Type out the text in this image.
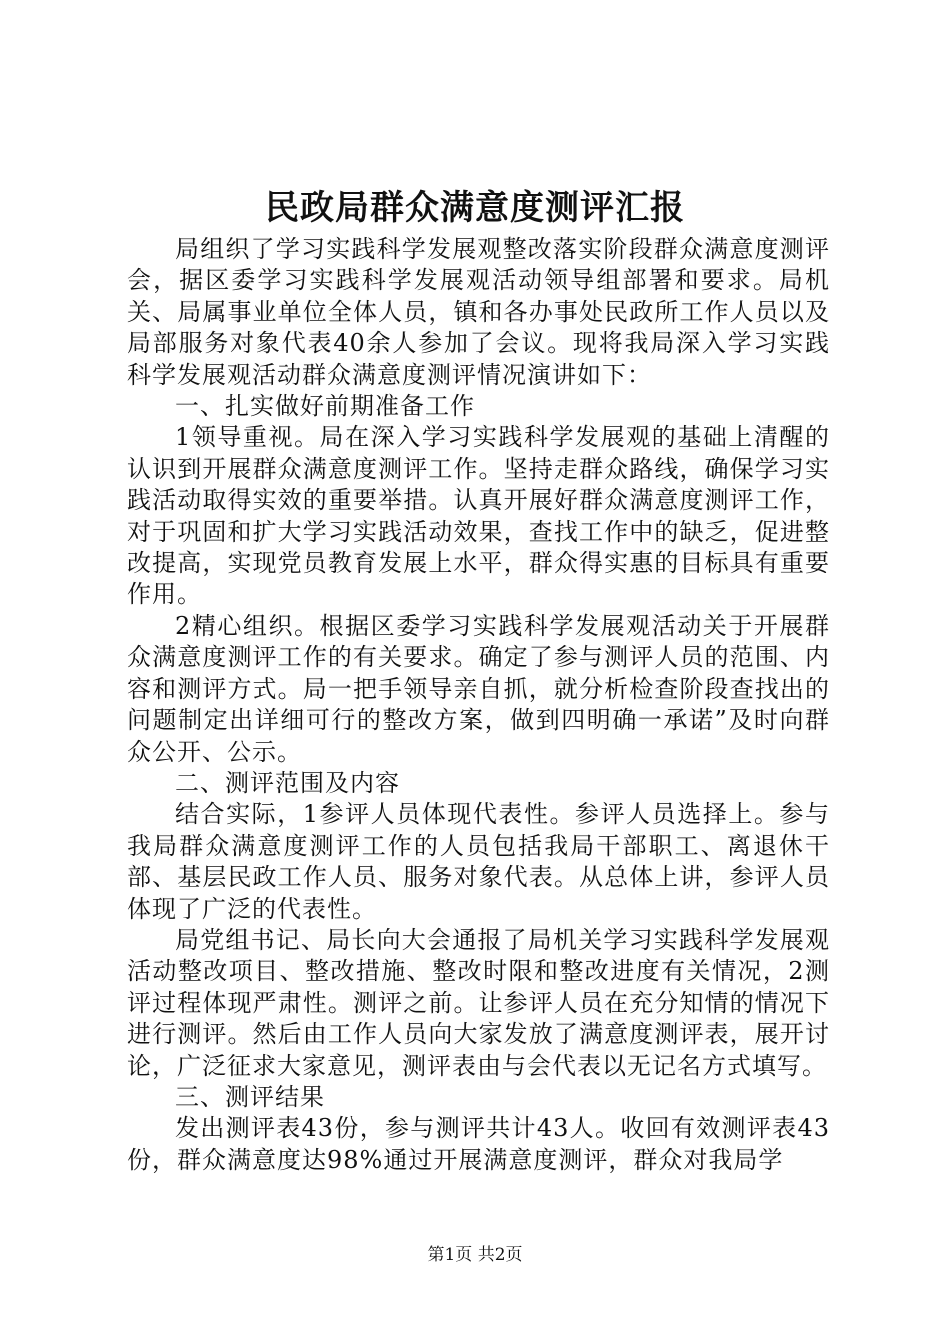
民政局群众满意度测评汇报

局组织了学习实践科学发展观整改落实阶段群众满意度测评会，据区委学习实践科学发展观活动领导组部署和要求。局机关、局属事业单位全体人员，镇和各办事处民政所工作人员以及局部服务对象代表40余人参加了会议。现将我局深入学习实践科学发展观活动群众满意度测评情况演讲如下：

一、扎实做好前期准备工作

1领导重视。局在深入学习实践科学发展观的基础上清醒的认识到开展群众满意度测评工作。坚持走群众路线，确保学习实践活动取得实效的重要举措。认真开展好群众满意度测评工作，对于巩固和扩大学习实践活动效果，查找工作中的缺乏，促进整改提高，实现党员教育发展上水平，群众得实惠的目标具有重要作用。

2精心组织。根据区委学习实践科学发展观活动关于开展群众满意度测评工作的有关要求。确定了参与测评人员的范围、内容和测评方式。局一把手领导亲自抓，就分析检查阶段查找出的问题制定出详细可行的整改方案，做到四明确一承诺”及时向群众公开、公示。

二、测评范围及内容

结合实际，1参评人员体现代表性。参评人员选择上。参与我局群众满意度测评工作的人员包括我局干部职工、离退休干部、基层民政工作人员、服务对象代表。从总体上讲，参评人员体现了广泛的代表性。

局党组书记、局长向大会通报了局机关学习实践科学发展观活动整改项目、整改措施、整改时限和整改进度有关情况，2测评过程体现严肃性。测评之前。让参评人员在充分知情的情况下进行测评。然后由工作人员向大家发放了满意度测评表，展开讨论，广泛征求大家意见，测评表由与会代表以无记名方式填写。

三、测评结果

发出测评表43份，参与测评共计43人。收回有效测评表43份，群众满意度达98%通过开展满意度测评，群众对我局学

第1页 共2页
